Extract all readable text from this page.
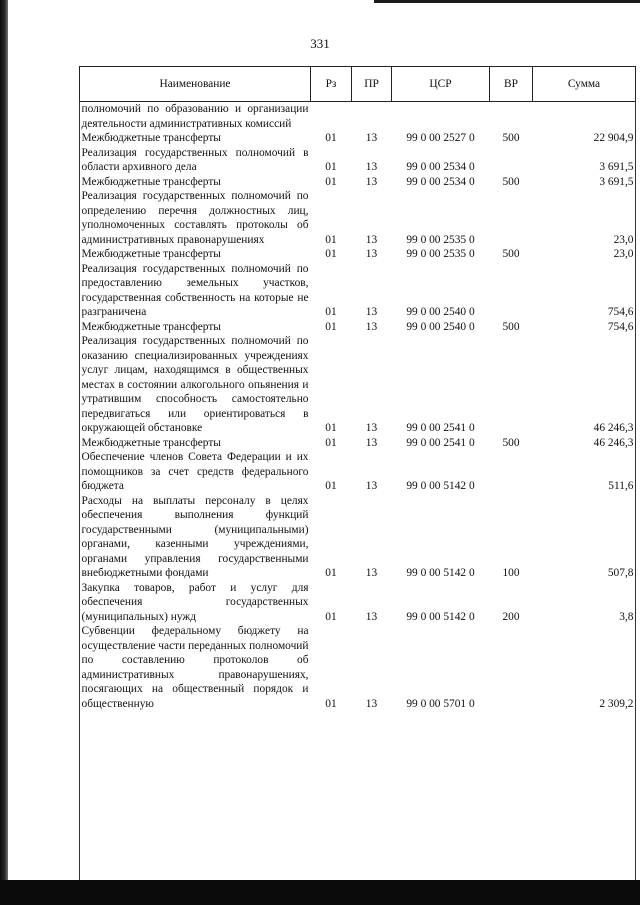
331
Наименование	Рз	ПР	ЦСР	ВР	Сумма
полномочий по образованию и организации деятельности административных комиссий					
Межбюджетные трансферты	01	13	99 0 00 2527 0	500	22 904,9
Реализация государственных полномочий в области архивного дела	01	13	99 0 00 2534 0		3 691,5
Межбюджетные трансферты	01	13	99 0 00 2534 0	500	3 691,5
Реализация государственных полномочий по определению перечня должностных лиц, уполномоченных составлять протоколы об административных правонарушениях	01	13	99 0 00 2535 0		23,0
Межбюджетные трансферты	01	13	99 0 00 2535 0	500	23,0
Реализация государственных полномочий по предоставлению земельных участков, государственная собственность на которые не разграничена	01	13	99 0 00 2540 0		754,6
Межбюджетные трансферты	01	13	99 0 00 2540 0	500	754,6
Реализация государственных полномочий по оказанию специализированных учреждениях услуг лицам, находящимся в общественных местах в состоянии алкогольного опьянения и утратившим способность самостоятельно передвигаться или ориентироваться в окружающей обстановке	01	13	99 0 00 2541 0		46 246,3
Межбюджетные трансферты	01	13	99 0 00 2541 0	500	46 246,3
Обеспечение членов Совета Федерации и их помощников за счет средств федерального бюджета	01	13	99 0 00 5142 0		511,6
Расходы на выплаты персоналу в целях обеспечения выполнения функций государственными (муниципальными) органами, казенными учреждениями, органами управления государственными внебюджетными фондами	01	13	99 0 00 5142 0	100	507,8
Закупка товаров, работ и услуг для обеспечения государственных (муниципальных) нужд	01	13	99 0 00 5142 0	200	3,8
Субвенции федеральному бюджету на осуществление части переданных полномочий по составлению протоколов об административных правонарушениях, посягающих на общественный порядок и общественную	01	13	99 0 00 5701 0		2 309,2
